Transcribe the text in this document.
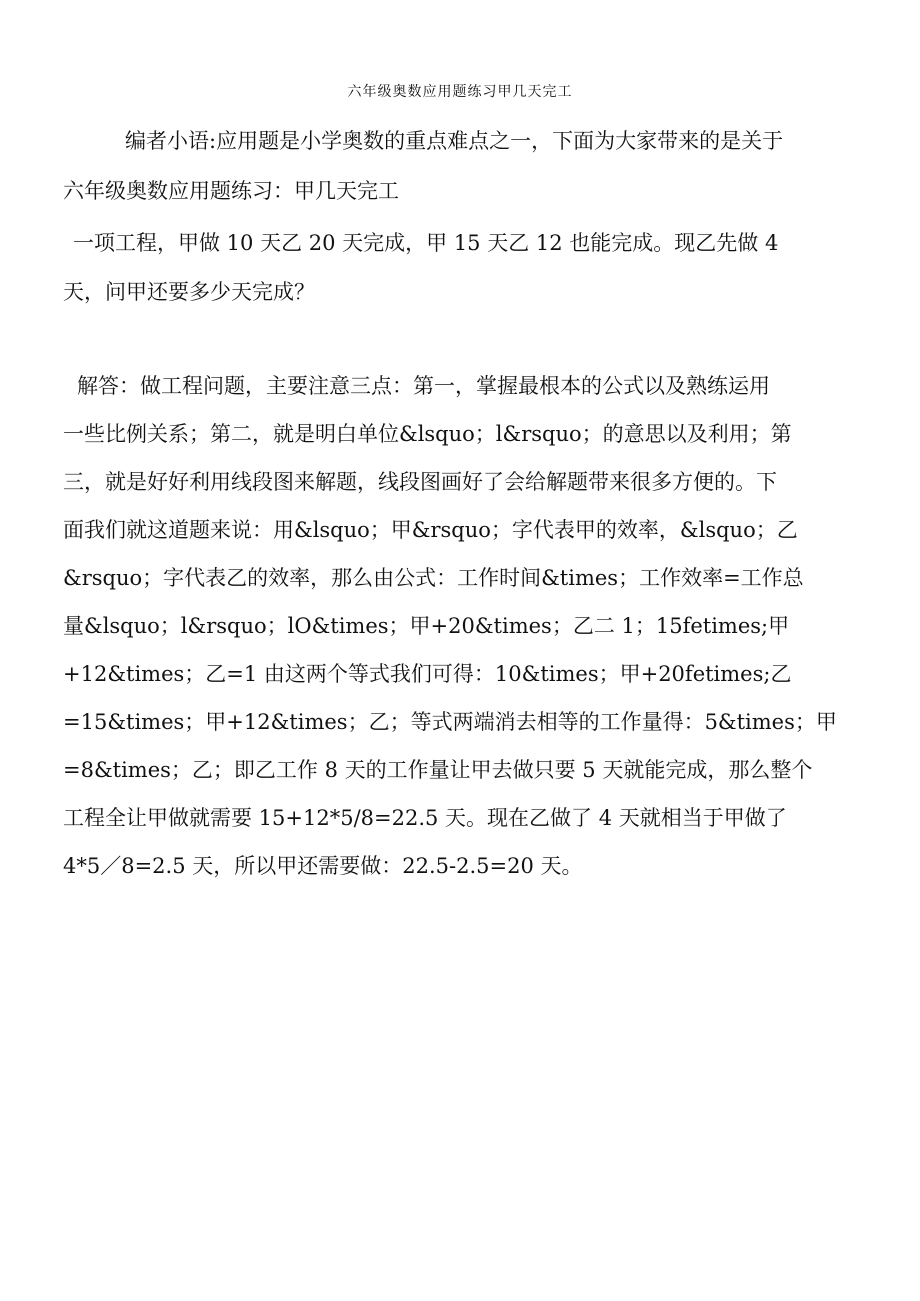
六年级奥数应用题练习甲几天完工
编者小语:应用题是小学奥数的重点难点之一，下面为大家带来的是关于
六年级奥数应用题练习：甲几天完工
一项工程，甲做 10 天乙 20 天完成，甲 15 天乙 12 也能完成。现乙先做 4
天，问甲还要多少天完成？
解答：做工程问题，主要注意三点：第一，掌握最根本的公式以及熟练运用
一些比例关系；第二，就是明白单位&lsquo；l&rsquo；的意思以及利用；第
三，就是好好利用线段图来解题，线段图画好了会给解题带来很多方便的。下
面我们就这道题来说：用&lsquo；甲&rsquo；字代表甲的效率，&lsquo；乙
&rsquo；字代表乙的效率，那么由公式：工作时间&times；工作效率=工作总
量&lsquo；l&rsquo；lO&times；甲+20&times；乙二 1；15fetimes;甲
+12&times；乙=1 由这两个等式我们可得：10&times；甲+20fetimes;乙
=15&times；甲+12&times；乙；等式两端消去相等的工作量得：5&times；甲
=8&times；乙；即乙工作 8 天的工作量让甲去做只要 5 天就能完成，那么整个
工程全让甲做就需要 15+12*5/8=22.5 天。现在乙做了 4 天就相当于甲做了
4*5／8=2.5 天，所以甲还需要做：22.5-2.5=20 天。
